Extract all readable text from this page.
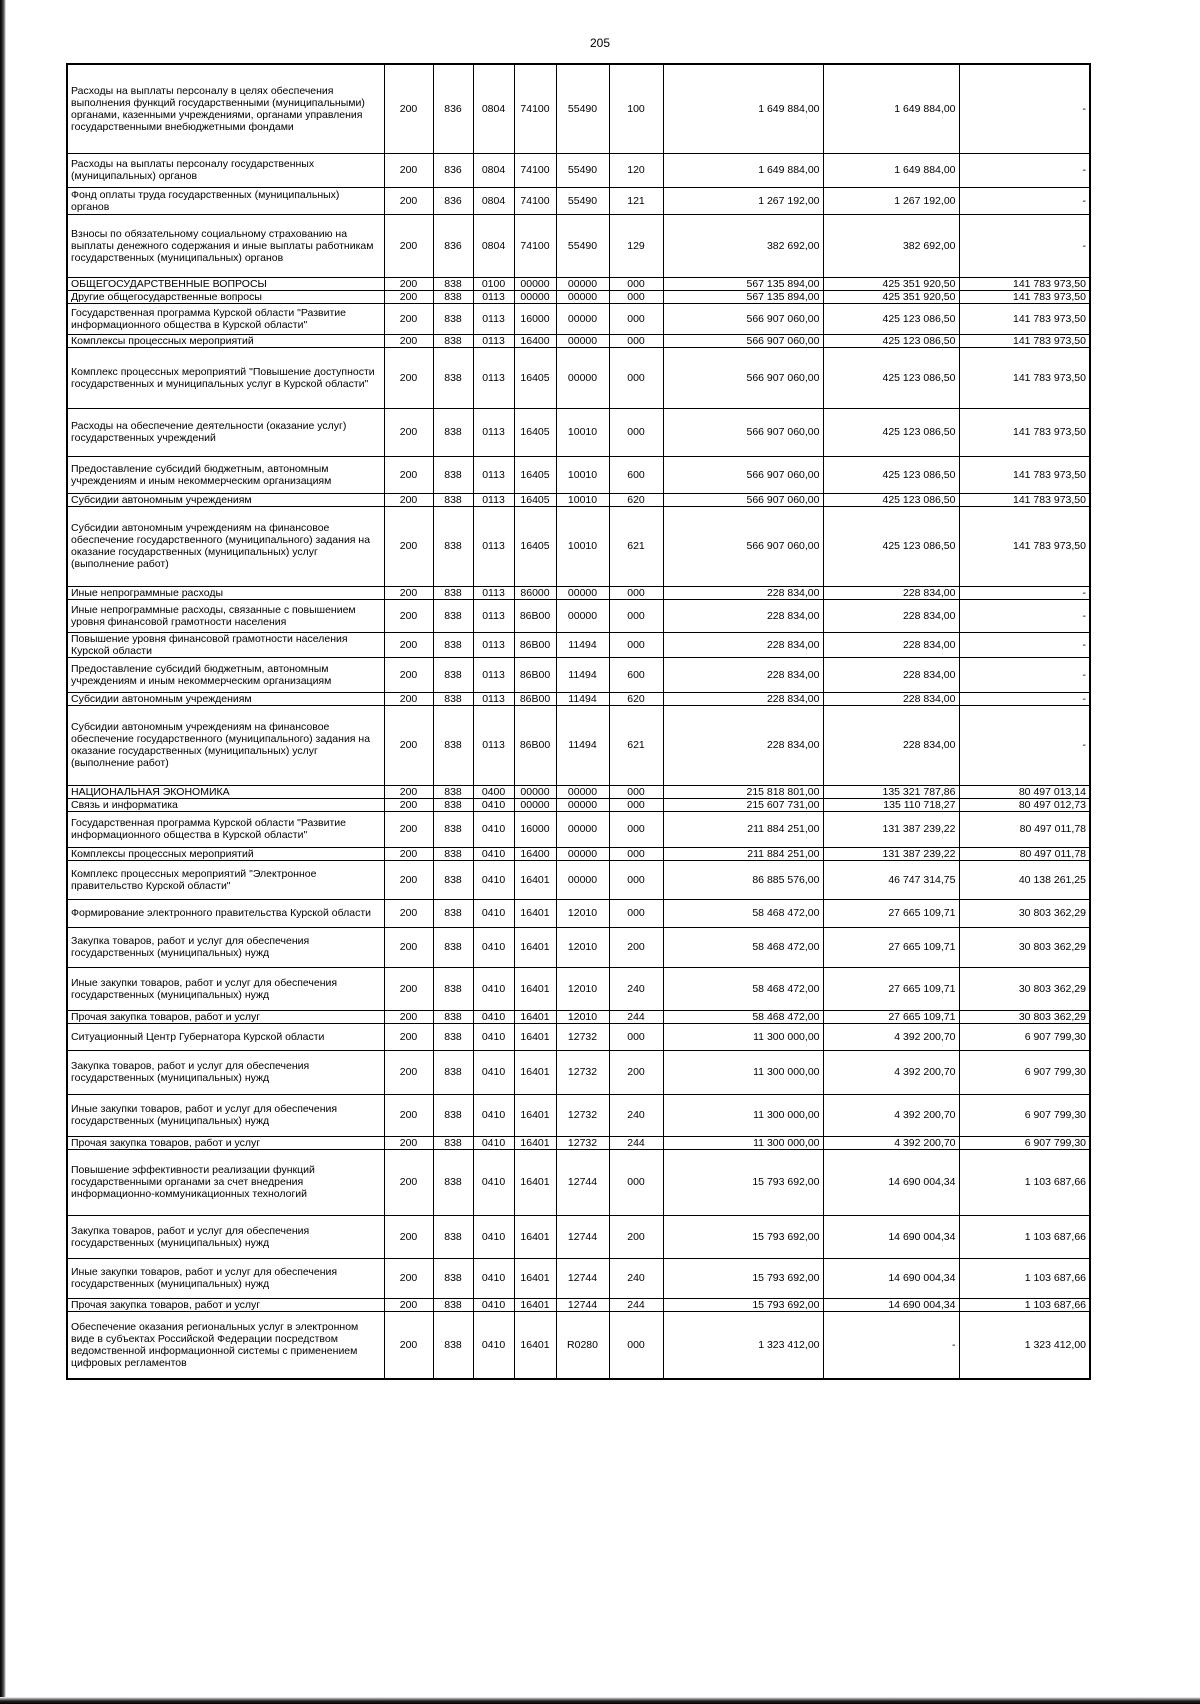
205
Расходы на выплаты персоналу в целях обеспечения выполнения функций государственными (муниципальными) органами, казенными учреждениями, органами управления государственными внебюджетными фондами	200	836	0804	74100	55490	100	1 649 884,00	1 649 884,00	-
Расходы на выплаты персоналу государственных (муниципальных) органов	200	836	0804	74100	55490	120	1 649 884,00	1 649 884,00	-
Фонд оплаты труда государственных (муниципальных) органов	200	836	0804	74100	55490	121	1 267 192,00	1 267 192,00	-
Взносы по обязательному социальному страхованию на выплаты денежного содержания и иные выплаты работникам государственных (муниципальных) органов	200	836	0804	74100	55490	129	382 692,00	382 692,00	-
ОБЩЕГОСУДАРСТВЕННЫЕ ВОПРОСЫ	200	838	0100	00000	00000	000	567 135 894,00	425 351 920,50	141 783 973,50
Другие общегосударственные вопросы	200	838	0113	00000	00000	000	567 135 894,00	425 351 920,50	141 783 973,50
Государственная программа Курской области "Развитие информационного общества в Курской области"	200	838	0113	16000	00000	000	566 907 060,00	425 123 086,50	141 783 973,50
Комплексы процессных мероприятий	200	838	0113	16400	00000	000	566 907 060,00	425 123 086,50	141 783 973,50
Комплекс процессных мероприятий "Повышение доступности государственных и муниципальных услуг в Курской области"	200	838	0113	16405	00000	000	566 907 060,00	425 123 086,50	141 783 973,50
Расходы на обеспечение деятельности (оказание услуг) государственных учреждений	200	838	0113	16405	10010	000	566 907 060,00	425 123 086,50	141 783 973,50
Предоставление субсидий бюджетным, автономным учреждениям и иным некоммерческим организациям	200	838	0113	16405	10010	600	566 907 060,00	425 123 086,50	141 783 973,50
Субсидии автономным учреждениям	200	838	0113	16405	10010	620	566 907 060,00	425 123 086,50	141 783 973,50
Субсидии автономным учреждениям на финансовое обеспечение государственного (муниципального) задания на оказание государственных (муниципальных) услуг (выполнение работ)	200	838	0113	16405	10010	621	566 907 060,00	425 123 086,50	141 783 973,50
Иные непрограммные расходы	200	838	0113	86000	00000	000	228 834,00	228 834,00	-
Иные непрограммные расходы, связанные с повышением уровня финансовой грамотности населения	200	838	0113	86В00	00000	000	228 834,00	228 834,00	-
Повышение уровня финансовой грамотности населения Курской области	200	838	0113	86В00	11494	000	228 834,00	228 834,00	-
Предоставление субсидий бюджетным, автономным учреждениям и иным некоммерческим организациям	200	838	0113	86В00	11494	600	228 834,00	228 834,00	-
Субсидии автономным учреждениям	200	838	0113	86В00	11494	620	228 834,00	228 834,00	-
Субсидии автономным учреждениям на финансовое обеспечение государственного (муниципального) задания на оказание государственных (муниципальных) услуг (выполнение работ)	200	838	0113	86В00	11494	621	228 834,00	228 834,00	-
НАЦИОНАЛЬНАЯ ЭКОНОМИКА	200	838	0400	00000	00000	000	215 818 801,00	135 321 787,86	80 497 013,14
Связь и информатика	200	838	0410	00000	00000	000	215 607 731,00	135 110 718,27	80 497 012,73
Государственная программа Курской области "Развитие информационного общества в Курской области"	200	838	0410	16000	00000	000	211 884 251,00	131 387 239,22	80 497 011,78
Комплексы процессных мероприятий	200	838	0410	16400	00000	000	211 884 251,00	131 387 239,22	80 497 011,78
Комплекс процессных мероприятий "Электронное правительство Курской области"	200	838	0410	16401	00000	000	86 885 576,00	46 747 314,75	40 138 261,25
Формирование электронного правительства Курской области	200	838	0410	16401	12010	000	58 468 472,00	27 665 109,71	30 803 362,29
Закупка товаров, работ и услуг для обеспечения государственных (муниципальных) нужд	200	838	0410	16401	12010	200	58 468 472,00	27 665 109,71	30 803 362,29
Иные закупки товаров, работ и услуг для обеспечения государственных (муниципальных) нужд	200	838	0410	16401	12010	240	58 468 472,00	27 665 109,71	30 803 362,29
Прочая закупка товаров, работ и услуг	200	838	0410	16401	12010	244	58 468 472,00	27 665 109,71	30 803 362,29
Ситуационный Центр Губернатора Курской области	200	838	0410	16401	12732	000	11 300 000,00	4 392 200,70	6 907 799,30
Закупка товаров, работ и услуг для обеспечения государственных (муниципальных) нужд	200	838	0410	16401	12732	200	11 300 000,00	4 392 200,70	6 907 799,30
Иные закупки товаров, работ и услуг для обеспечения государственных (муниципальных) нужд	200	838	0410	16401	12732	240	11 300 000,00	4 392 200,70	6 907 799,30
Прочая закупка товаров, работ и услуг	200	838	0410	16401	12732	244	11 300 000,00	4 392 200,70	6 907 799,30
Повышение эффективности реализации функций государственными органами за счет внедрения информационно-коммуникационных технологий	200	838	0410	16401	12744	000	15 793 692,00	14 690 004,34	1 103 687,66
Закупка товаров, работ и услуг для обеспечения государственных (муниципальных) нужд	200	838	0410	16401	12744	200	15 793 692,00	14 690 004,34	1 103 687,66
Иные закупки товаров, работ и услуг для обеспечения государственных (муниципальных) нужд	200	838	0410	16401	12744	240	15 793 692,00	14 690 004,34	1 103 687,66
Прочая закупка товаров, работ и услуг	200	838	0410	16401	12744	244	15 793 692,00	14 690 004,34	1 103 687,66
Обеспечение оказания региональных услуг в электронном виде в субъектах Российской Федерации посредством ведомственной информационной системы с применением цифровых регламентов	200	838	0410	16401	R0280	000	1 323 412,00	-	1 323 412,00
